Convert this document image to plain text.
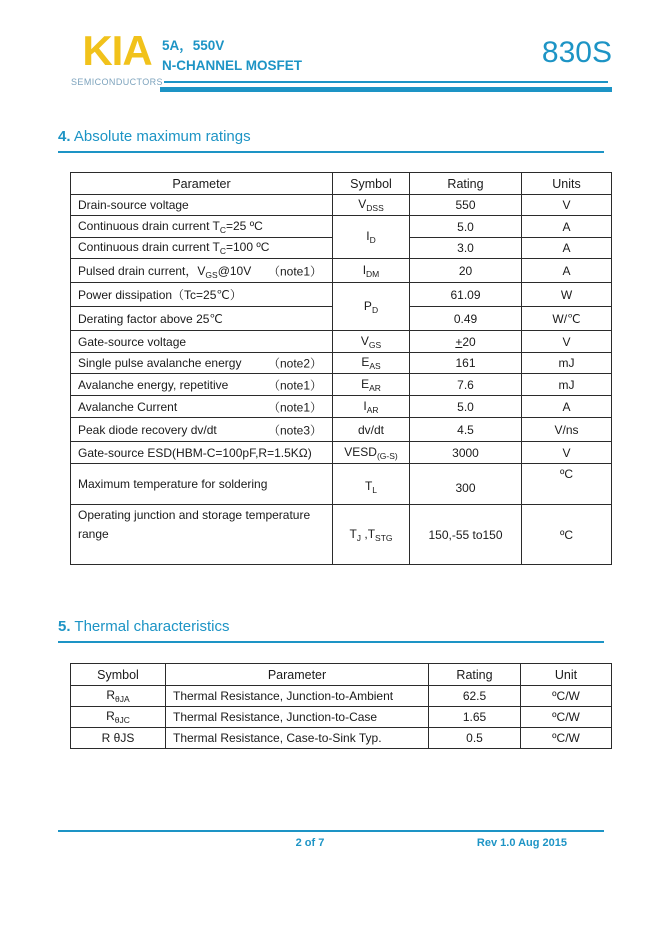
KIA
SEMICONDUCTORS
5A，550V
N-CHANNEL MOSFET	830S
4. Absolute maximum ratings
Parameter	Symbol	Rating	Units
Drain-source voltage	$V_{DSS}$	550	V
Continuous drain current $T_C=25$ ºC	$I_D$	5.0	A
Continuous drain current $T_C=100$ ºC		3.0	A
Pulsed drain current，$V_{GS}@10V$ （note1）	$I_{DM}$	20	A
Power dissipation（Tc=25℃）	$P_D$	61.09	W
Derating factor above 25℃		0.49	W/℃
Gate-source voltage	$V_{GS}$	+20	V
Single pulse avalanche energy （note2）	$E_{AS}$	161	mJ
Avalanche energy, repetitive （note1）	$E_{AR}$	7.6	mJ
Avalanche Current （note1）	$I_{AR}$	5.0	A
Peak diode recovery dv/dt （note3）	dv/dt	4.5	V/ns
Gate-source ESD(HBM-C=100pF,R=1.5KΩ)	$VESD_{(G-S)}$	3000	V
Maximum temperature for soldering	$T_L$	300	ºC
Operating junction and storage temperature range	$T_J$ $,T_{STG}$	150,-55 to150	ºC
5. Thermal characteristics
Symbol	Parameter	Rating	Unit
$R_{\theta JA}$	Thermal Resistance, Junction-to-Ambient	62.5	ºC/W
$R_{\theta JC}$	Thermal Resistance, Junction-to-Case	1.65	ºC/W
R θJS	Thermal Resistance, Case-to-Sink Typ.	0.5	ºC/W
2 of 7	Rev 1.0 Aug 2015
